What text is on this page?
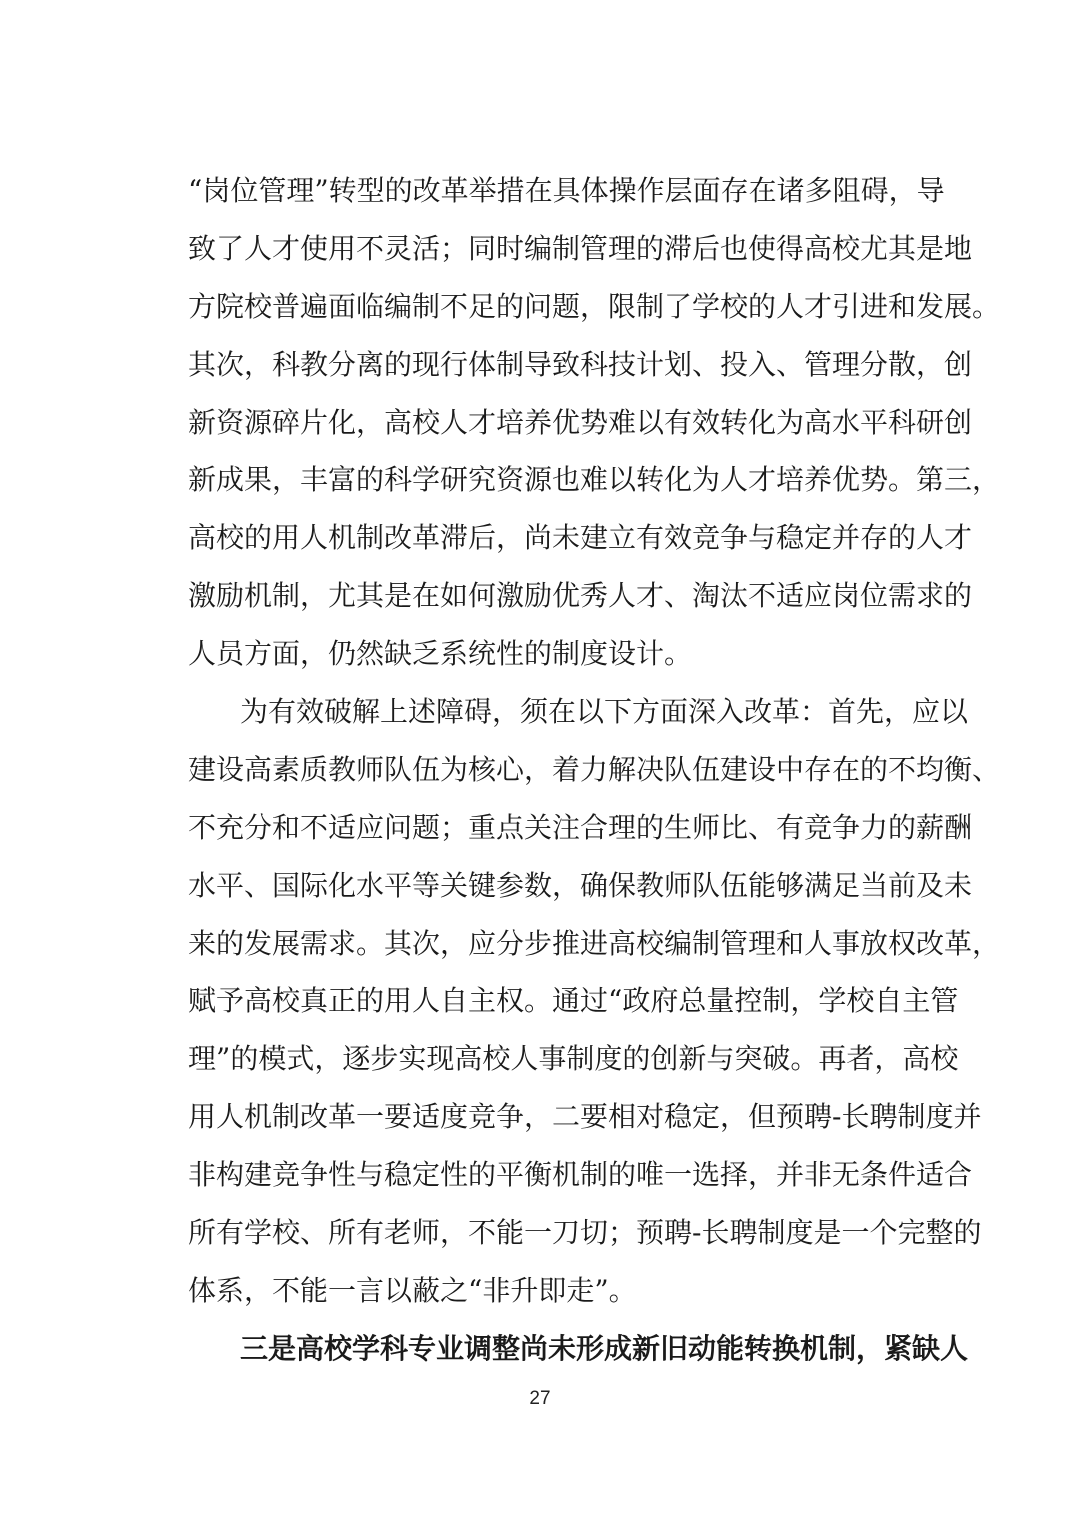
“岗位管理”转型的改革举措在具体操作层面存在诸多阻碍，导
致了人才使用不灵活；同时编制管理的滞后也使得高校尤其是地
方院校普遍面临编制不足的问题，限制了学校的人才引进和发展。
其次，科教分离的现行体制导致科技计划、投入、管理分散，创
新资源碎片化，高校人才培养优势难以有效转化为高水平科研创
新成果，丰富的科学研究资源也难以转化为人才培养优势。第三，
高校的用人机制改革滞后，尚未建立有效竞争与稳定并存的人才
激励机制，尤其是在如何激励优秀人才、淘汰不适应岗位需求的
人员方面，仍然缺乏系统性的制度设计。
为有效破解上述障碍，须在以下方面深入改革：首先，应以
建设高素质教师队伍为核心，着力解决队伍建设中存在的不均衡、
不充分和不适应问题；重点关注合理的生师比、有竞争力的薪酬
水平、国际化水平等关键参数，确保教师队伍能够满足当前及未
来的发展需求。其次，应分步推进高校编制管理和人事放权改革，
赋予高校真正的用人自主权。通过“政府总量控制，学校自主管
理”的模式，逐步实现高校人事制度的创新与突破。再者，高校
用人机制改革一要适度竞争，二要相对稳定，但预聘-长聘制度并
非构建竞争性与稳定性的平衡机制的唯一选择，并非无条件适合
所有学校、所有老师，不能一刀切；预聘-长聘制度是一个完整的
体系，不能一言以蔽之“非升即走”。
三是高校学科专业调整尚未形成新旧动能转换机制，紧缺人
27
